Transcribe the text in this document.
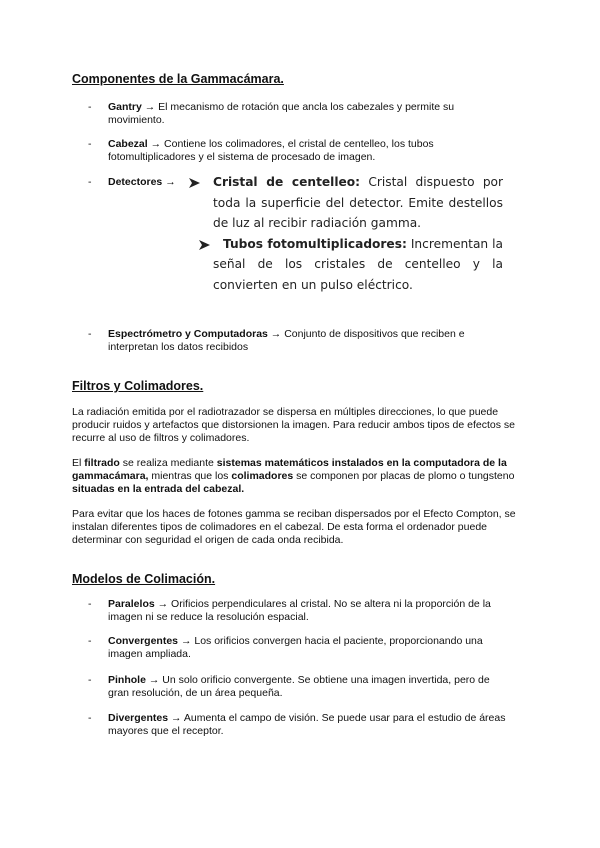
Componentes de la Gammacámara.
- Gantry → El mecanismo de rotación que ancla los cabezales y permite su movimiento.
- Cabezal → Contiene los colimadores, el cristal de centelleo, los tubos fotomultiplicadores y el sistema de procesado de imagen.
- Detectores →	Cristal de centelleo: Cristal dispuesto por toda la superficie del detector. Emite destellos de luz al recibir radiación gamma.
Tubos fotomultiplicadores: Incrementan la señal de los cristales de centelleo y la convierten en un pulso eléctrico.
- Espectrómetro y Computadoras → Conjunto de dispositivos que reciben e interpretan los datos recibidos
Filtros y Colimadores.

La radiación emitida por el radiotrazador se dispersa en múltiples direcciones, lo que puede producir ruidos y artefactos que distorsionen la imagen. Para reducir ambos tipos de efectos se recurre al uso de filtros y colimadores.

El filtrado se realiza mediante sistemas matemáticos instalados en la computadora de la gammacámara, mientras que los colimadores se componen por placas de plomo o tungsteno situadas en la entrada del cabezal.

Para evitar que los haces de fotones gamma se reciban dispersados por el Efecto Compton, se instalan diferentes tipos de colimadores en el cabezal. De esta forma el ordenador puede determinar con seguridad el origen de cada onda recibida.

Modelos de Colimación.
- Paralelos → Orificios perpendiculares al cristal. No se altera ni la proporción de la imagen ni se reduce la resolución espacial.
- Convergentes → Los orificios convergen hacia el paciente, proporcionando una imagen ampliada.
- Pinhole → Un solo orificio convergente. Se obtiene una imagen invertida, pero de gran resolución, de un área pequeña.
- Divergentes → Aumenta el campo de visión. Se puede usar para el estudio de áreas mayores que el receptor.
